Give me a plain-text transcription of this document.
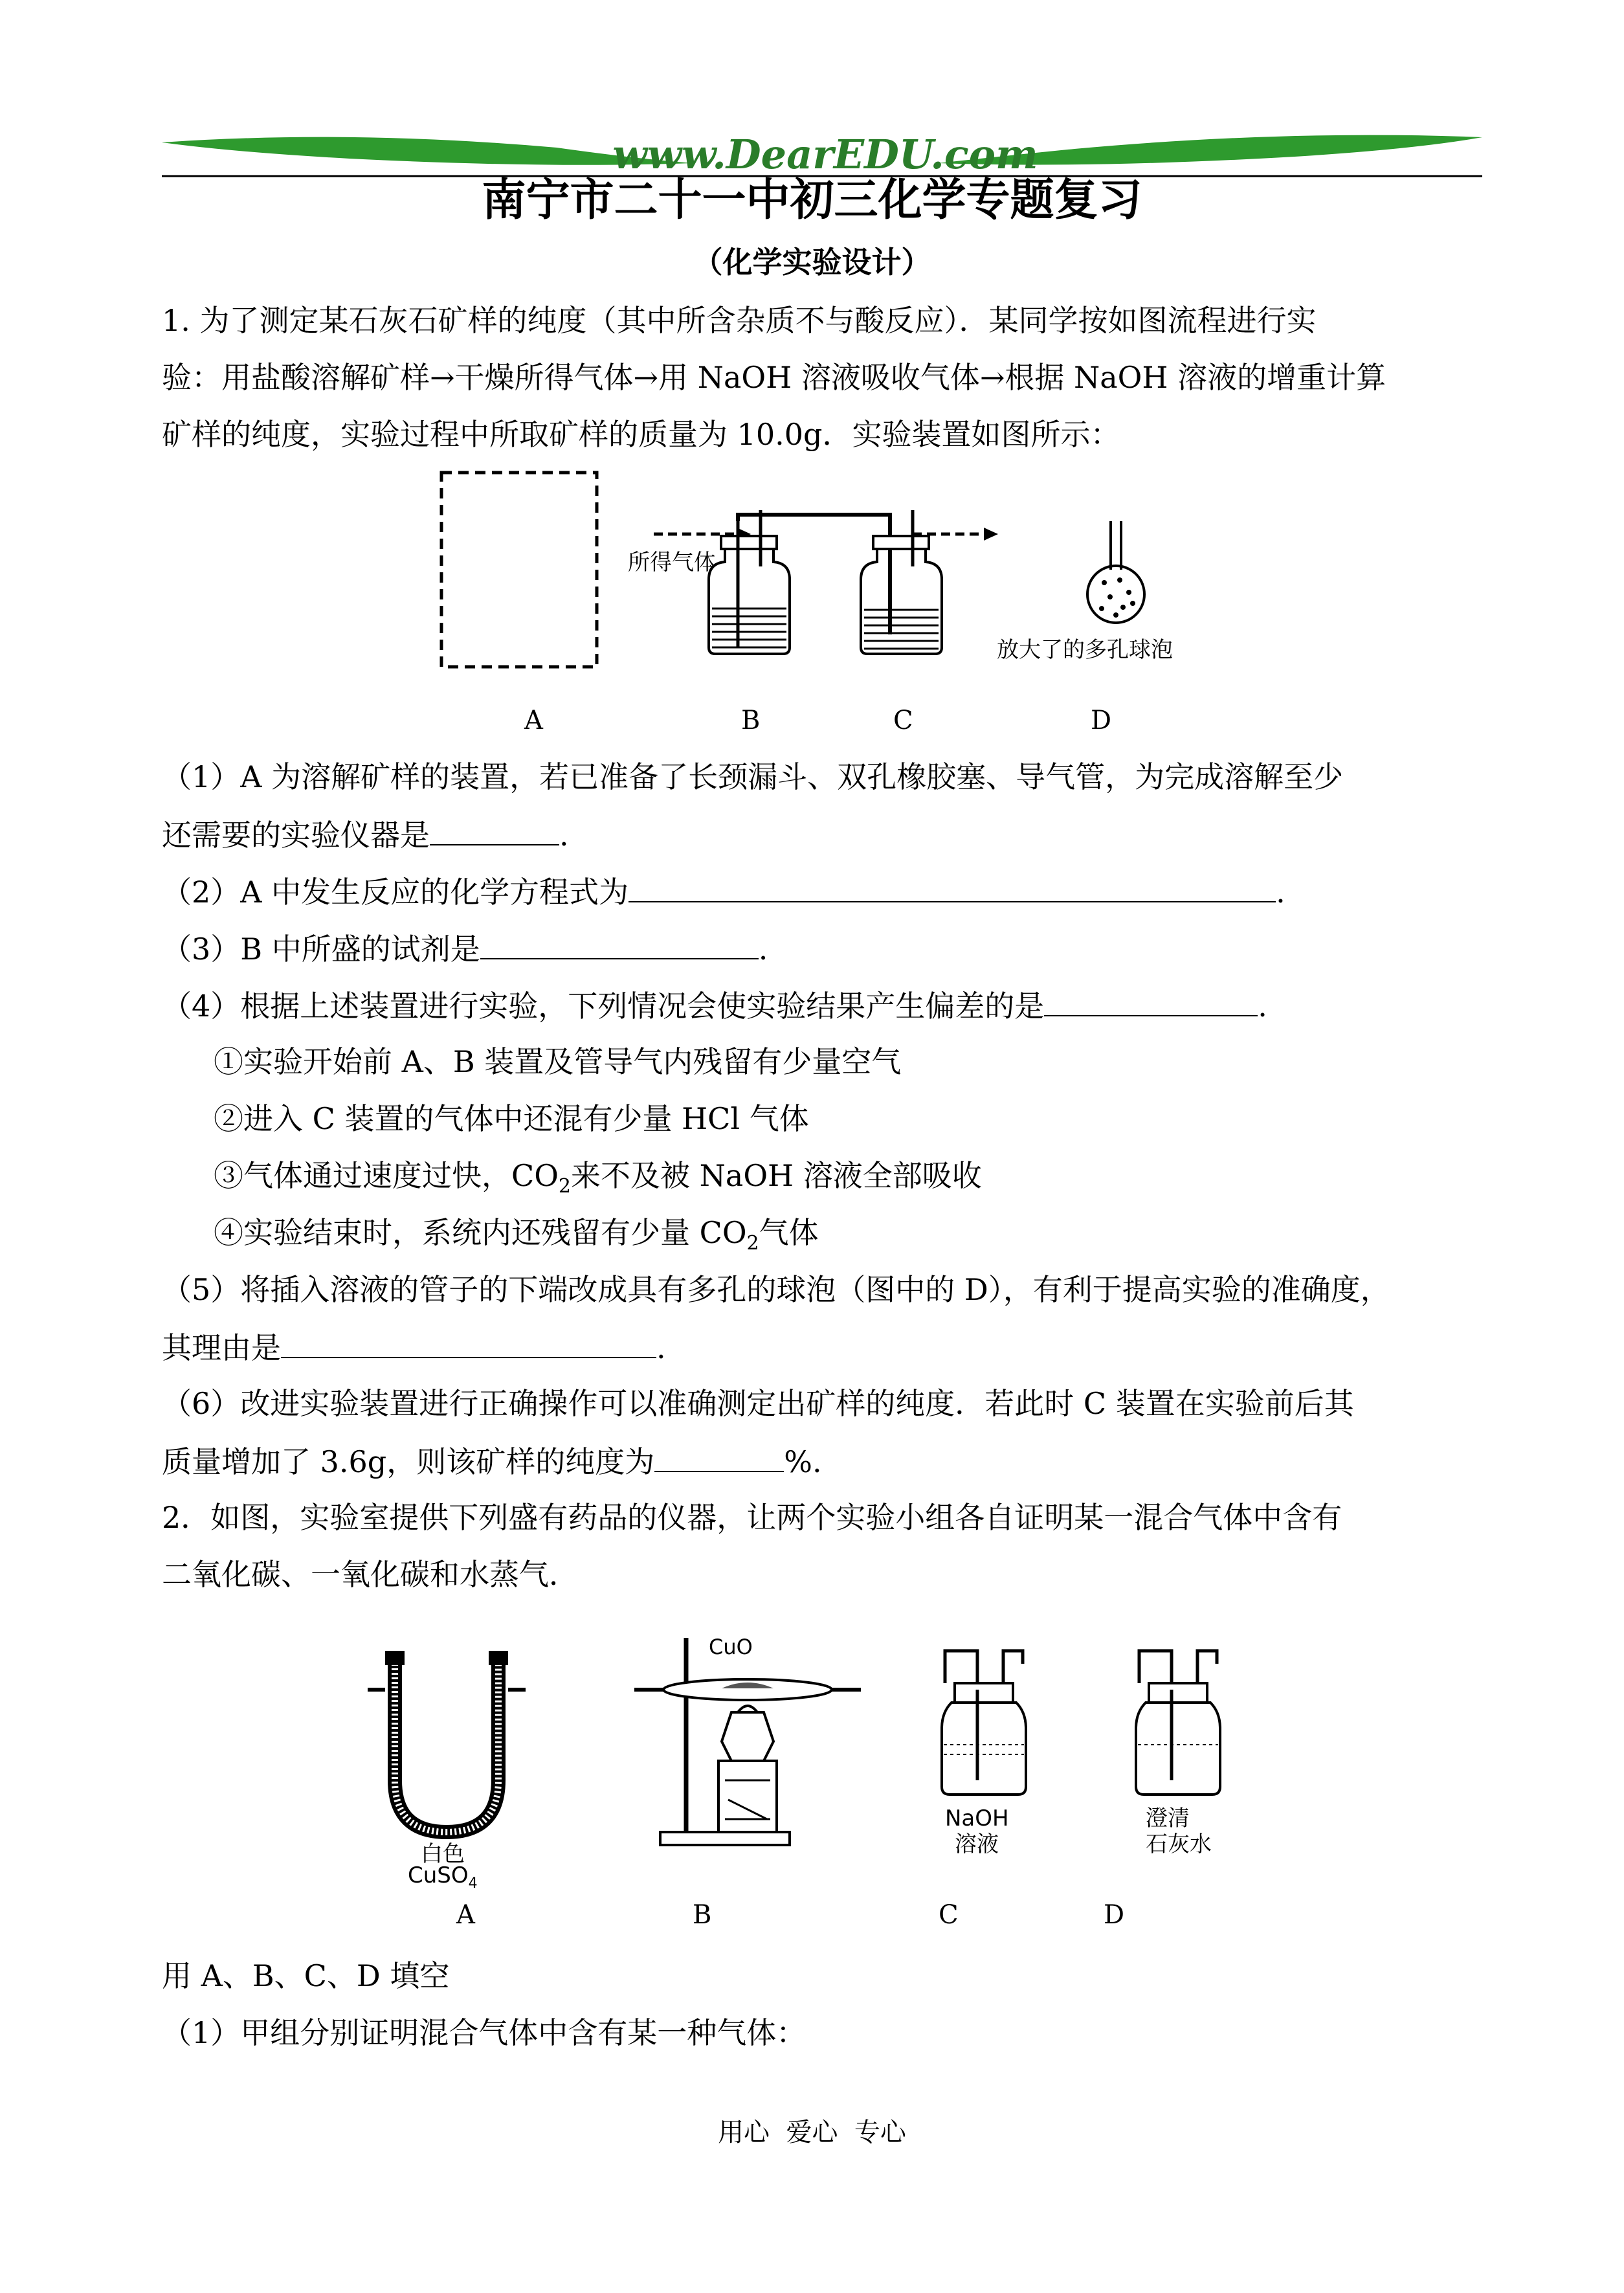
www.DearEDU.com
南宁市二十一中初三化学专题复习
（化学实验设计）
1. 为了测定某石灰石矿样的纯度（其中所含杂质不与酸反应）．某同学按如图流程进行实
验：用盐酸溶解矿样→干燥所得气体→用 NaOH 溶液吸收气体→根据 NaOH 溶液的增重计算
矿样的纯度，实验过程中所取矿样的质量为 10.0g．实验装置如图所示：
所得气体
放大了的多孔球泡
A	B	C	D
（1）A 为溶解矿样的装置，若已准备了长颈漏斗、双孔橡胶塞、导气管，为完成溶解至少
还需要的实验仪器是	.
（2）A 中发生反应的化学方程式为	.
（3）B 中所盛的试剂是	.
（4）根据上述装置进行实验，下列情况会使实验结果产生偏差的是	.
①实验开始前 A、B 装置及管导气内残留有少量空气
②进入 C 装置的气体中还混有少量 HCl 气体
③气体通过速度过快，$CO_2$来不及被 NaOH 溶液全部吸收
④实验结束时，系统内还残留有少量 $CO_2$气体
（5）将插入溶液的管子的下端改成具有多孔的球泡（图中的 D），有利于提高实验的准确度，
其理由是	.
（6）改进实验装置进行正确操作可以准确测定出矿样的纯度．若此时 C 装置在实验前后其
质量增加了 3.6g，则该矿样的纯度为	%.
2．如图，实验室提供下列盛有药品的仪器，让两个实验小组各自证明某一混合气体中含有
二氧化碳、一氧化碳和水蒸气．
白色
CuSO$_4$
CuO
NaOH
溶液
澄清
石灰水
A	B	C	D
用 A、B、C、D 填空
（1）甲组分别证明混合气体中含有某一种气体：
用心  爱心  专心
